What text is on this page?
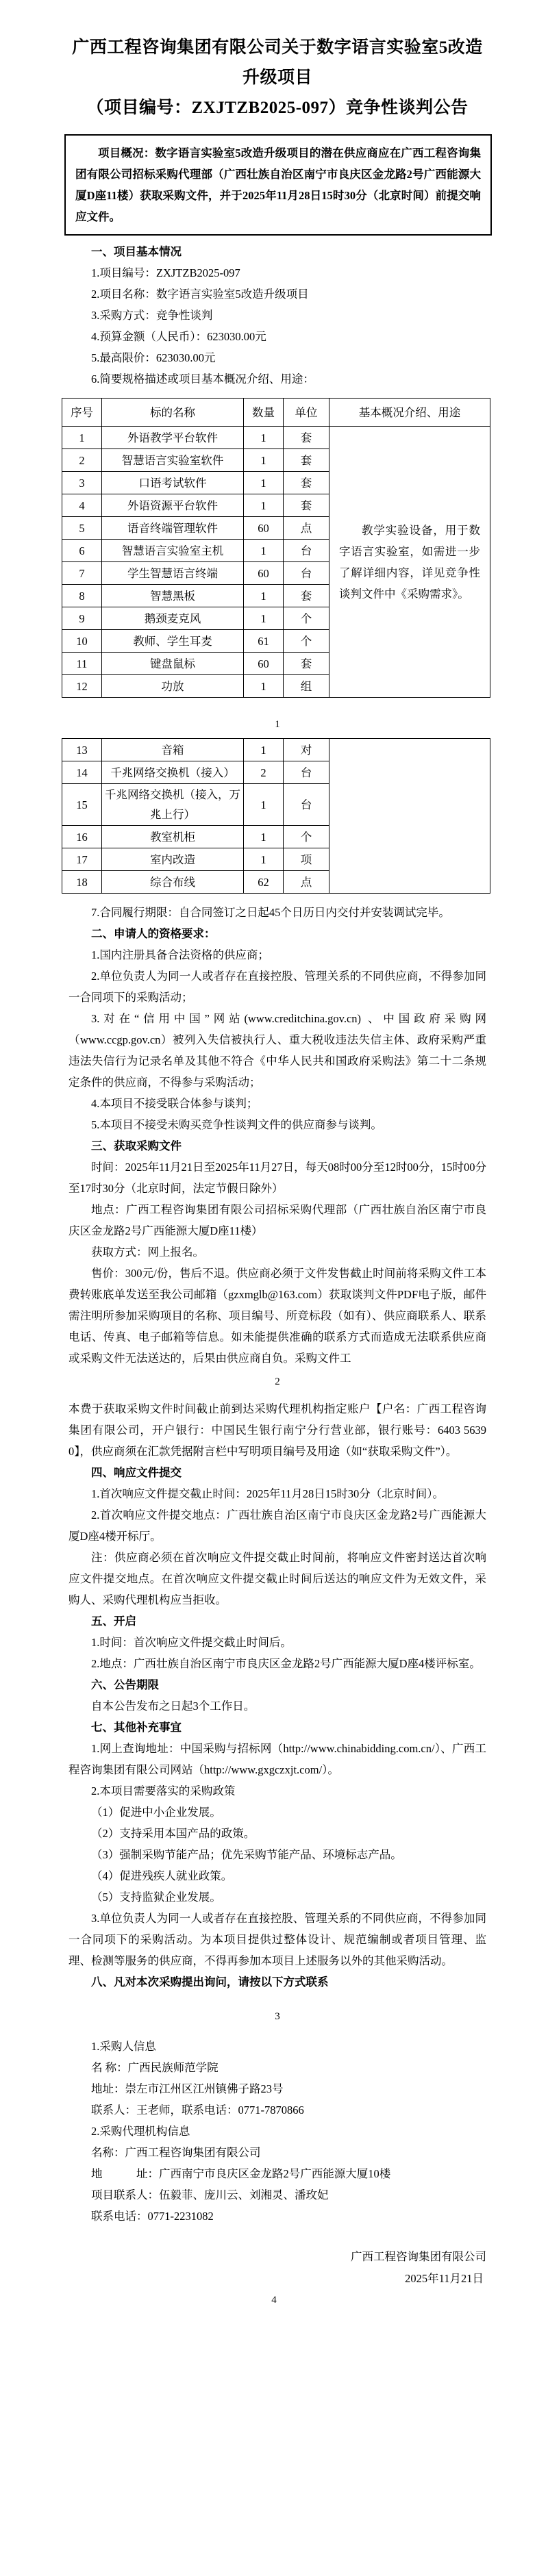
广西工程咨询集团有限公司关于数字语言实验室5改造升级项目
（项目编号：ZXJTZB2025-097）竞争性谈判公告
项目概况：数字语言实验室5改造升级项目的潜在供应商应在广西工程咨询集团有限公司招标采购代理部（广西壮族自治区南宁市良庆区金龙路2号广西能源大厦D座11楼）获取采购文件，并于2025年11月28日15时30分（北京时间）前提交响应文件。

一、项目基本情况

1.项目编号：ZXJTZB2025-097

2.项目名称：数字语言实验室5改造升级项目

3.采购方式：竞争性谈判

4.预算金额（人民币）：623030.00元

5.最高限价：623030.00元

6.简要规格描述或项目基本概况介绍、用途：

序号	标的名称	数量	单位	基本概况介绍、用途
1	外语教学平台软件	1	套	教学实验设备，用于数字语言实验室，如需进一步了解详细内容，详见竞争性谈判文件中《采购需求》。
2	智慧语言实验室软件	1	套	
3	口语考试软件	1	套	
4	外语资源平台软件	1	套	
5	语音终端管理软件	60	点	
6	智慧语言实验室主机	1	台	
7	学生智慧语言终端	60	台	
8	智慧黑板	1	套	
9	鹅颈麦克风	1	个	
10	教师、学生耳麦	61	个	
11	键盘鼠标	60	套	
12	功放	1	组	
1
13	音箱	1	对	
14	千兆网络交换机（接入）	2	台	
15	千兆网络交换机（接入，万兆上行）	1	台	
16	教室机柜	1	个	
17	室内改造	1	项	
18	综合布线	62	点	

7.合同履行期限：自合同签订之日起45个日历日内交付并安装调试完毕。

二、申请人的资格要求：

1.国内注册具备合法资格的供应商；

2.单位负责人为同一人或者存在直接控股、管理关系的不同供应商，不得参加同一合同项下的采购活动；

3.对在“信用中国”网站(www.creditchina.gov.cn) 、中国政府采购网（www.ccgp.gov.cn）被列入失信被执行人、重大税收违法失信主体、政府采购严重违法失信行为记录名单及其他不符合《中华人民共和国政府采购法》第二十二条规定条件的供应商，不得参与采购活动；

4.本项目不接受联合体参与谈判；

5.本项目不接受未购买竞争性谈判文件的供应商参与谈判。

三、获取采购文件

时间：2025年11月21日至2025年11月27日，每天08时00分至12时00分，15时00分至17时30分（北京时间，法定节假日除外）

地点：广西工程咨询集团有限公司招标采购代理部（广西壮族自治区南宁市良庆区金龙路2号广西能源大厦D座11楼）

获取方式：网上报名。

售价：300元/份，售后不退。供应商必须于文件发售截止时间前将采购文件工本费转账底单发送至我公司邮箱（gzxmglb@163.com）获取谈判文件PDF电子版，邮件需注明所参加采购项目的名称、项目编号、所竞标段（如有）、供应商联系人、联系电话、传真、电子邮箱等信息。如未能提供准确的联系方式而造成无法联系供应商或采购文件无法送达的，后果由供应商自负。采购文件工

2

本费于获取采购文件时间截止前到达采购代理机构指定账户【户名：广西工程咨询集团有限公司，开户银行：中国民生银行南宁分行营业部，银行账号：6403 5639 0】，供应商须在汇款凭据附言栏中写明项目编号及用途（如“获取采购文件”）。

四、响应文件提交

1.首次响应文件提交截止时间：2025年11月28日15时30分（北京时间）。

2.首次响应文件提交地点：广西壮族自治区南宁市良庆区金龙路2号广西能源大厦D座4楼开标厅。

注：供应商必须在首次响应文件提交截止时间前，将响应文件密封送达首次响应文件提交地点。在首次响应文件提交截止时间后送达的响应文件为无效文件，采购人、采购代理机构应当拒收。

五、开启

1.时间：首次响应文件提交截止时间后。

2.地点：广西壮族自治区南宁市良庆区金龙路2号广西能源大厦D座4楼评标室。

六、公告期限

自本公告发布之日起3个工作日。

七、其他补充事宜

1.网上查询地址：中国采购与招标网（http://www.chinabidding.com.cn/）、广西工程咨询集团有限公司网站（http://www.gxgczxjt.com/）。

2.本项目需要落实的采购政策

（1）促进中小企业发展。

（2）支持采用本国产品的政策。

（3）强制采购节能产品；优先采购节能产品、环境标志产品。

（4）促进残疾人就业政策。

（5）支持监狱企业发展。

3.单位负责人为同一人或者存在直接控股、管理关系的不同供应商，不得参加同一合同项下的采购活动。为本项目提供过整体设计、规范编制或者项目管理、监理、检测等服务的供应商，不得再参加本项目上述服务以外的其他采购活动。

八、凡对本次采购提出询问，请按以下方式联系

3

1.采购人信息

名 称：广西民族师范学院

地址：崇左市江州区江州镇佛子路23号

联系人：王老师，联系电话：0771-7870866

2.采购代理机构信息

名称：广西工程咨询集团有限公司

地　　　址：广西南宁市良庆区金龙路2号广西能源大厦10楼

项目联系人：伍毅菲、庞川云、刘湘灵、潘玫妃

联系电话：0771-2231082

广西工程咨询集团有限公司

2025年11月21日

4
